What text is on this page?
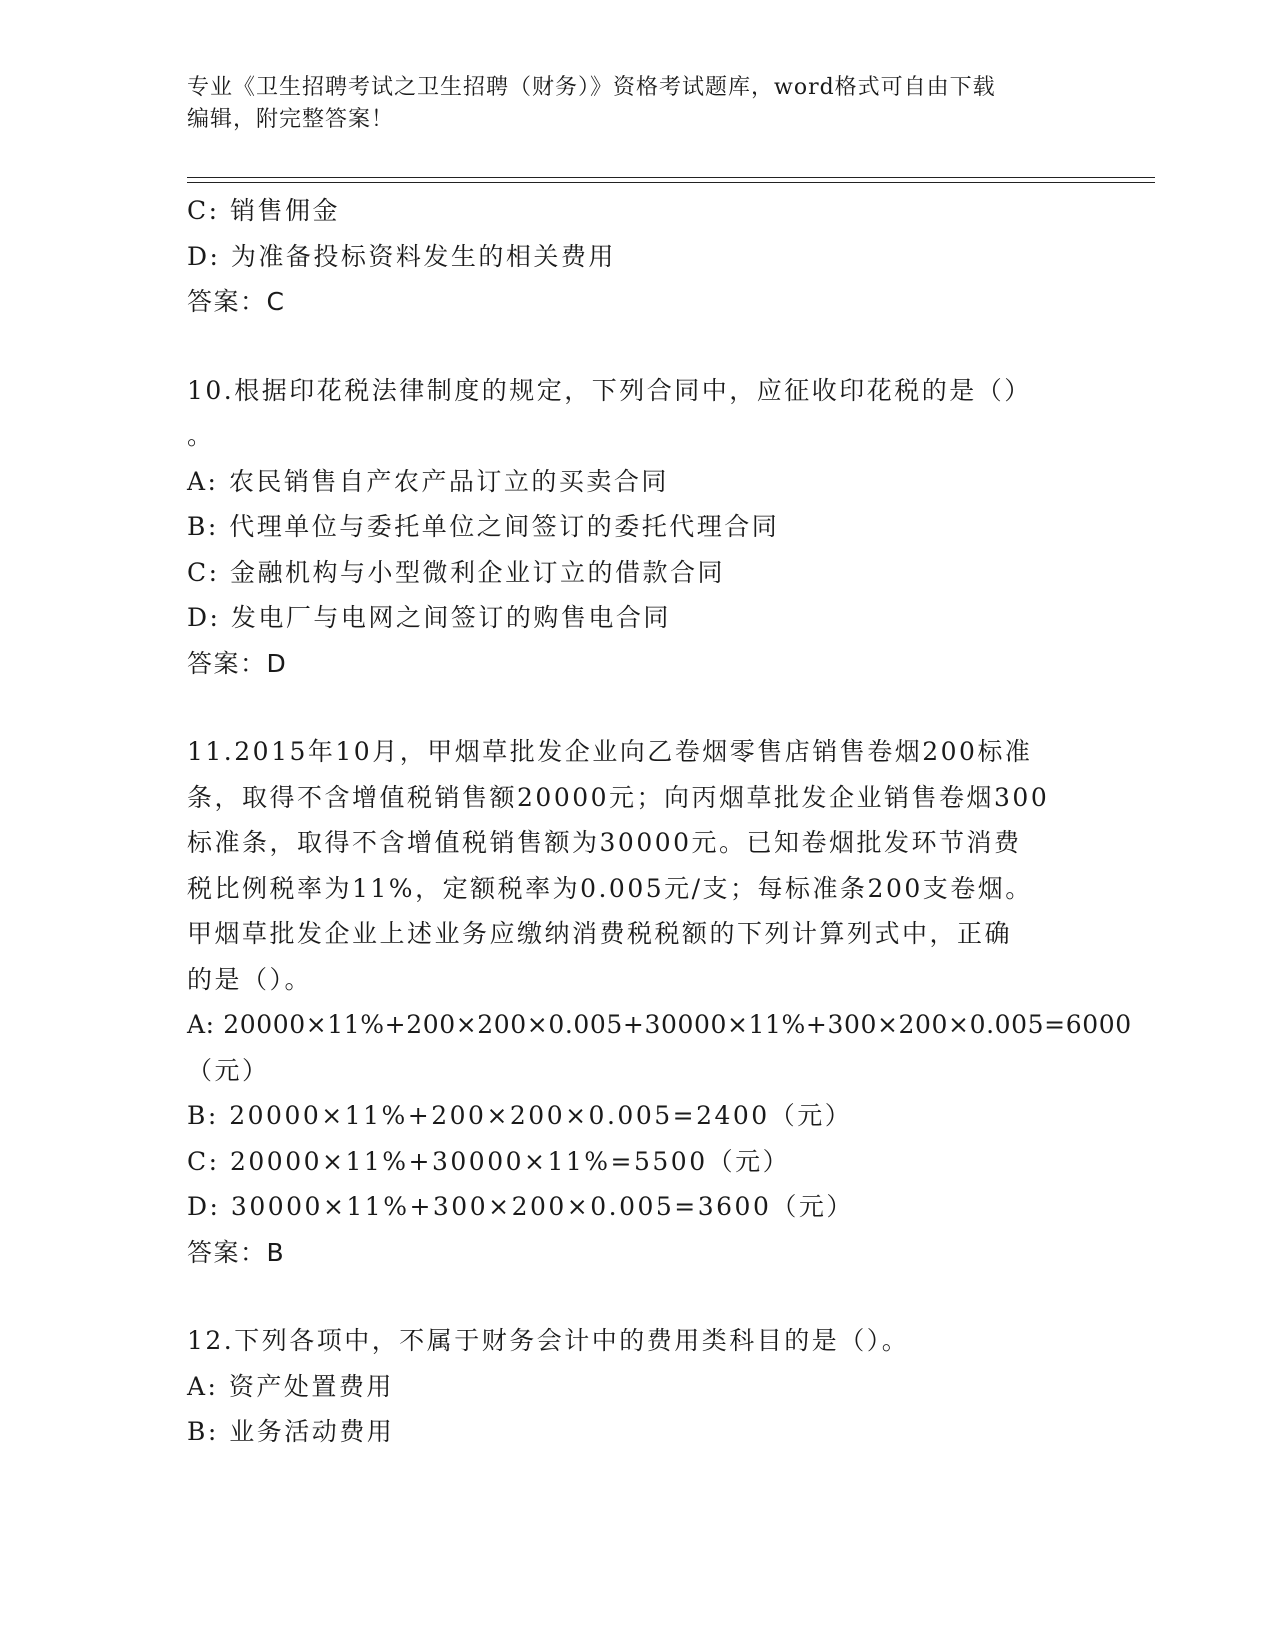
专业《卫生招聘考试之卫生招聘（财务）》资格考试题库，word格式可自由下载
编辑，附完整答案！
C: 销售佣金
D: 为准备投标资料发生的相关费用
答案：C
10.根据印花税法律制度的规定，下列合同中，应征收印花税的是（）
。
A: 农民销售自产农产品订立的买卖合同
B: 代理单位与委托单位之间签订的委托代理合同
C: 金融机构与小型微利企业订立的借款合同
D: 发电厂与电网之间签订的购售电合同
答案：D
11.2015年10月，甲烟草批发企业向乙卷烟零售店销售卷烟200标准
条，取得不含增值税销售额20000元；向丙烟草批发企业销售卷烟300
标准条，取得不含增值税销售额为30000元。已知卷烟批发环节消费
税比例税率为11%，定额税率为0.005元/支；每标准条200支卷烟。
甲烟草批发企业上述业务应缴纳消费税税额的下列计算列式中，正确
的是（）。
A: 20000×11%+200×200×0.005+30000×11%+300×200×0.005=6000
（元）
B: 20000×11%+200×200×0.005=2400（元）
C: 20000×11%+30000×11%=5500（元）
D: 30000×11%+300×200×0.005=3600（元）
答案：B
12.下列各项中，不属于财务会计中的费用类科目的是（）。
A: 资产处置费用
B: 业务活动费用
